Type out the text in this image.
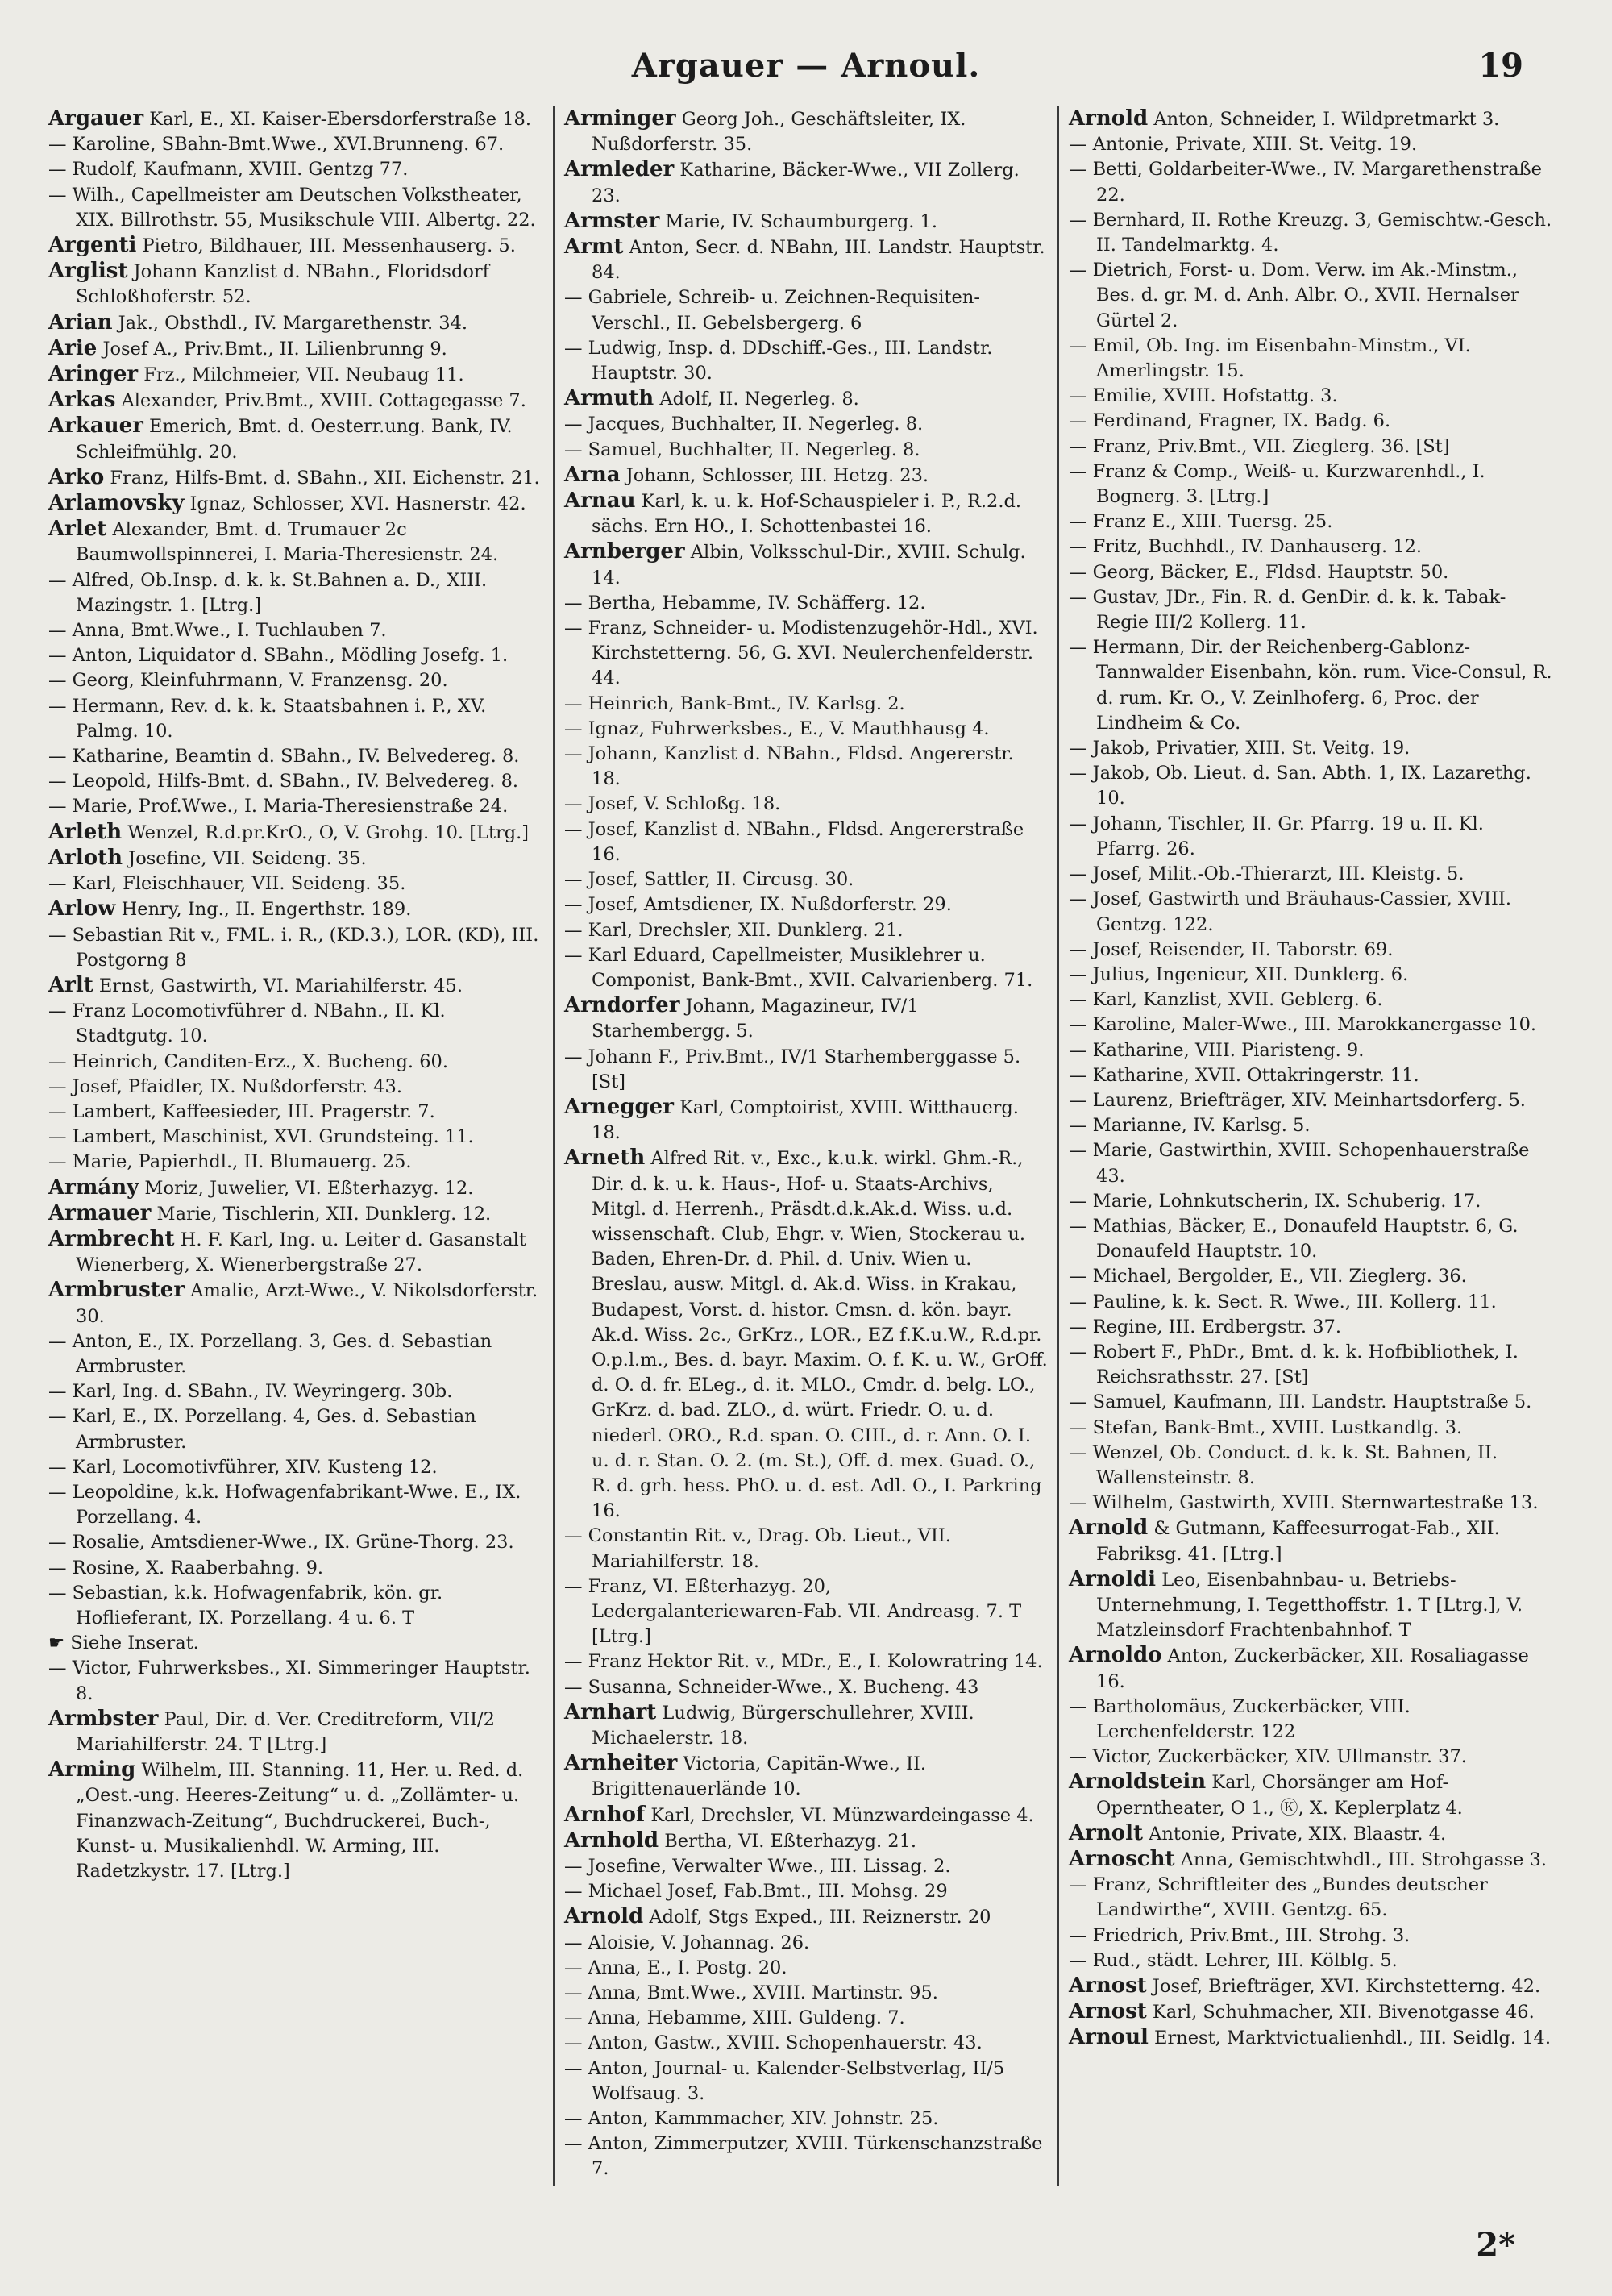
Argauer — Arnoul.	19

Argauer Karl, E., XI. Kaiser-Ebersdorferstraße 18.

— Karoline, SBahn-Bmt.Wwe., XVI.Brunneng. 67.

— Rudolf, Kaufmann, XVIII. Gentzg 77.

— Wilh., Capellmeister am Deutschen Volkstheater, XIX. Billrothstr. 55, Musikschule VIII. Albertg. 22.

Argenti Pietro, Bildhauer, III. Messenhauserg. 5.

Arglist Johann Kanzlist d. NBahn., Floridsdorf Schloßhoferstr. 52.

Arian Jak., Obsthdl., IV. Margarethenstr. 34.

Arie Josef A., Priv.Bmt., II. Lilienbrunng 9.

Aringer Frz., Milchmeier, VII. Neubaug 11.

Arkas Alexander, Priv.Bmt., XVIII. Cottagegasse 7.

Arkauer Emerich, Bmt. d. Oesterr.ung. Bank, IV. Schleifmühlg. 20.

Arko Franz, Hilfs-Bmt. d. SBahn., XII. Eichenstr. 21.

Arlamovsky Ignaz, Schlosser, XVI. Hasnerstr. 42.

Arlet Alexander, Bmt. d. Trumauer 2c Baumwollspinnerei, I. Maria-Theresienstr. 24.

— Alfred, Ob.Insp. d. k. k. St.Bahnen a. D., XIII. Mazingstr. 1. [Ltrg.]

— Anna, Bmt.Wwe., I. Tuchlauben 7.

— Anton, Liquidator d. SBahn., Mödling Josefg. 1.

— Georg, Kleinfuhrmann, V. Franzensg. 20.

— Hermann, Rev. d. k. k. Staatsbahnen i. P., XV. Palmg. 10.

— Katharine, Beamtin d. SBahn., IV. Belvedereg. 8.

— Leopold, Hilfs-Bmt. d. SBahn., IV. Belvedereg. 8.

— Marie, Prof.Wwe., I. Maria-Theresienstraße 24.

Arleth Wenzel, R.d.pr.KrO., O, V. Grohg. 10. [Ltrg.]

Arloth Josefine, VII. Seideng. 35.

— Karl, Fleischhauer, VII. Seideng. 35.

Arlow Henry, Ing., II. Engerthstr. 189.

— Sebastian Rit v., FML. i. R., (KD.3.), LOR. (KD), III. Postgorng 8

Arlt Ernst, Gastwirth, VI. Mariahilferstr. 45.

— Franz Locomotivführer d. NBahn., II. Kl. Stadtgutg. 10.

— Heinrich, Canditen-Erz., X. Bucheng. 60.

— Josef, Pfaidler, IX. Nußdorferstr. 43.

— Lambert, Kaffeesieder, III. Pragerstr. 7.

— Lambert, Maschinist, XVI. Grundsteing. 11.

— Marie, Papierhdl., II. Blumauerg. 25.

Armány Moriz, Juwelier, VI. Eßterhazyg. 12.

Armauer Marie, Tischlerin, XII. Dunklerg. 12.

Armbrecht H. F. Karl, Ing. u. Leiter d. Gasanstalt Wienerberg, X. Wienerbergstraße 27.

Armbruster Amalie, Arzt-Wwe., V. Nikolsdorferstr. 30.

— Anton, E., IX. Porzellang. 3, Ges. d. Sebastian Armbruster.

— Karl, Ing. d. SBahn., IV. Weyringerg. 30b.

— Karl, E., IX. Porzellang. 4, Ges. d. Sebastian Armbruster.

— Karl, Locomotivführer, XIV. Kusteng 12.

— Leopoldine, k.k. Hofwagenfabrikant-Wwe. E., IX. Porzellang. 4.

— Rosalie, Amtsdiener-Wwe., IX. Grüne-Thorg. 23.

— Rosine, X. Raaberbahng. 9.

— Sebastian, k.k. Hofwagenfabrik, kön. gr. Hoflieferant, IX. Porzellang. 4 u. 6. T

☛ Siehe Inserat.

— Victor, Fuhrwerksbes., XI. Simmeringer Hauptstr. 8.

Armbster Paul, Dir. d. Ver. Creditreform, VII/2 Mariahilferstr. 24. T [Ltrg.]

Arming Wilhelm, III. Stanning. 11, Her. u. Red. d. „Oest.-ung. Heeres-Zeitung“ u. d. „Zollämter- u. Finanzwach-Zeitung“, Buchdruckerei, Buch-, Kunst- u. Musikalienhdl. W. Arming, III. Radetzkystr. 17. [Ltrg.]

Arminger Georg Joh., Geschäftsleiter, IX. Nußdorferstr. 35.

Armleder Katharine, Bäcker-Wwe., VII Zollerg. 23.

Armster Marie, IV. Schaumburgerg. 1.

Armt Anton, Secr. d. NBahn, III. Landstr. Hauptstr. 84.

— Gabriele, Schreib- u. Zeichnen-Requisiten-Verschl., II. Gebelsbergerg. 6

— Ludwig, Insp. d. DDschiff.-Ges., III. Landstr. Hauptstr. 30.

Armuth Adolf, II. Negerleg. 8.

— Jacques, Buchhalter, II. Negerleg. 8.

— Samuel, Buchhalter, II. Negerleg. 8.

Arna Johann, Schlosser, III. Hetzg. 23.

Arnau Karl, k. u. k. Hof-Schauspieler i. P., R.2.d. sächs. Ern HO., I. Schottenbastei 16.

Arnberger Albin, Volksschul-Dir., XVIII. Schulg. 14.

— Bertha, Hebamme, IV. Schäfferg. 12.

— Franz, Schneider- u. Modistenzugehör-Hdl., XVI. Kirchstetterng. 56, G. XVI. Neulerchenfelderstr. 44.

— Heinrich, Bank-Bmt., IV. Karlsg. 2.

— Ignaz, Fuhrwerksbes., E., V. Mauthhausg 4.

— Johann, Kanzlist d. NBahn., Fldsd. Angererstr. 18.

— Josef, V. Schloßg. 18.

— Josef, Kanzlist d. NBahn., Fldsd. Angererstraße 16.

— Josef, Sattler, II. Circusg. 30.

— Josef, Amtsdiener, IX. Nußdorferstr. 29.

— Karl, Drechsler, XII. Dunklerg. 21.

— Karl Eduard, Capellmeister, Musiklehrer u. Componist, Bank-Bmt., XVII. Calvarienberg. 71.

Arndorfer Johann, Magazineur, IV/1 Starhembergg. 5.

— Johann F., Priv.Bmt., IV/1 Starhemberggasse 5. [St]

Arnegger Karl, Comptoirist, XVIII. Witthauerg. 18.

Arneth Alfred Rit. v., Exc., k.u.k. wirkl. Ghm.-R., Dir. d. k. u. k. Haus-, Hof- u. Staats-Archivs, Mitgl. d. Herrenh., Präsdt.d.k.Ak.d. Wiss. u.d. wissenschaft. Club, Ehgr. v. Wien, Stockerau u. Baden, Ehren-Dr. d. Phil. d. Univ. Wien u. Breslau, ausw. Mitgl. d. Ak.d. Wiss. in Krakau, Budapest, Vorst. d. histor. Cmsn. d. kön. bayr. Ak.d. Wiss. 2c., GrKrz., LOR., EZ f.K.u.W., R.d.pr. O.p.l.m., Bes. d. bayr. Maxim. O. f. K. u. W., GrOff. d. O. d. fr. ELeg., d. it. MLO., Cmdr. d. belg. LO., GrKrz. d. bad. ZLO., d. würt. Friedr. O. u. d. niederl. ORO., R.d. span. O. CIII., d. r. Ann. O. I. u. d. r. Stan. O. 2. (m. St.), Off. d. mex. Guad. O., R. d. grh. hess. PhO. u. d. est. Adl. O., I. Parkring 16.

— Constantin Rit. v., Drag. Ob. Lieut., VII. Mariahilferstr. 18.

— Franz, VI. Eßterhazyg. 20, Ledergalanteriewaren-Fab. VII. Andreasg. 7. T [Ltrg.]

— Franz Hektor Rit. v., MDr., E., I. Kolowratring 14.

— Susanna, Schneider-Wwe., X. Bucheng. 43

Arnhart Ludwig, Bürgerschullehrer, XVIII. Michaelerstr. 18.

Arnheiter Victoria, Capitän-Wwe., II. Brigittenauerlände 10.

Arnhof Karl, Drechsler, VI. Münzwardeingasse 4.

Arnhold Bertha, VI. Eßterhazyg. 21.

— Josefine, Verwalter Wwe., III. Lissag. 2.

— Michael Josef, Fab.Bmt., III. Mohsg. 29

Arnold Adolf, Stgs Exped., III. Reiznerstr. 20

— Aloisie, V. Johannag. 26.

— Anna, E., I. Postg. 20.

— Anna, Bmt.Wwe., XVIII. Martinstr. 95.

— Anna, Hebamme, XIII. Guldeng. 7.

— Anton, Gastw., XVIII. Schopenhauerstr. 43.

— Anton, Journal- u. Kalender-Selbstverlag, II/5 Wolfsaug. 3.

— Anton, Kammmacher, XIV. Johnstr. 25.

— Anton, Zimmerputzer, XVIII. Türkenschanzstraße 7.

Arnold Anton, Schneider, I. Wildpretmarkt 3.

— Antonie, Private, XIII. St. Veitg. 19.

— Betti, Goldarbeiter-Wwe., IV. Margarethenstraße 22.

— Bernhard, II. Rothe Kreuzg. 3, Gemischtw.-Gesch. II. Tandelmarktg. 4.

— Dietrich, Forst- u. Dom. Verw. im Ak.-Minstm., Bes. d. gr. M. d. Anh. Albr. O., XVII. Hernalser Gürtel 2.

— Emil, Ob. Ing. im Eisenbahn-Minstm., VI. Amerlingstr. 15.

— Emilie, XVIII. Hofstattg. 3.

— Ferdinand, Fragner, IX. Badg. 6.

— Franz, Priv.Bmt., VII. Zieglerg. 36. [St]

— Franz & Comp., Weiß- u. Kurzwarenhdl., I. Bognerg. 3. [Ltrg.]

— Franz E., XIII. Tuersg. 25.

— Fritz, Buchhdl., IV. Danhauserg. 12.

— Georg, Bäcker, E., Fldsd. Hauptstr. 50.

— Gustav, JDr., Fin. R. d. GenDir. d. k. k. Tabak-Regie III/2 Kollerg. 11.

— Hermann, Dir. der Reichenberg-Gablonz-Tannwalder Eisenbahn, kön. rum. Vice-Consul, R. d. rum. Kr. O., V. Zeinlhoferg. 6, Proc. der Lindheim & Co.

— Jakob, Privatier, XIII. St. Veitg. 19.

— Jakob, Ob. Lieut. d. San. Abth. 1, IX. Lazarethg. 10.

— Johann, Tischler, II. Gr. Pfarrg. 19 u. II. Kl. Pfarrg. 26.

— Josef, Milit.-Ob.-Thierarzt, III. Kleistg. 5.

— Josef, Gastwirth und Bräuhaus-Cassier, XVIII. Gentzg. 122.

— Josef, Reisender, II. Taborstr. 69.

— Julius, Ingenieur, XII. Dunklerg. 6.

— Karl, Kanzlist, XVII. Geblerg. 6.

— Karoline, Maler-Wwe., III. Marokkanergasse 10.

— Katharine, VIII. Piaristeng. 9.

— Katharine, XVII. Ottakringerstr. 11.

— Laurenz, Briefträger, XIV. Meinhartsdorferg. 5.

— Marianne, IV. Karlsg. 5.

— Marie, Gastwirthin, XVIII. Schopenhauerstraße 43.

— Marie, Lohnkutscherin, IX. Schuberig. 17.

— Mathias, Bäcker, E., Donaufeld Hauptstr. 6, G. Donaufeld Hauptstr. 10.

— Michael, Bergolder, E., VII. Zieglerg. 36.

— Pauline, k. k. Sect. R. Wwe., III. Kollerg. 11.

— Regine, III. Erdbergstr. 37.

— Robert F., PhDr., Bmt. d. k. k. Hofbibliothek, I. Reichsrathsstr. 27. [St]

— Samuel, Kaufmann, III. Landstr. Hauptstraße 5.

— Stefan, Bank-Bmt., XVIII. Lustkandlg. 3.

— Wenzel, Ob. Conduct. d. k. k. St. Bahnen, II. Wallensteinstr. 8.

— Wilhelm, Gastwirth, XVIII. Sternwartestraße 13.

Arnold & Gutmann, Kaffeesurrogat-Fab., XII. Fabriksg. 41. [Ltrg.]

Arnoldi Leo, Eisenbahnbau- u. Betriebs-Unternehmung, I. Tegetthoffstr. 1. T [Ltrg.], V. Matzleinsdorf Frachtenbahnhof. T

Arnoldo Anton, Zuckerbäcker, XII. Rosaliagasse 16.

— Bartholomäus, Zuckerbäcker, VIII. Lerchenfelderstr. 122

— Victor, Zuckerbäcker, XIV. Ullmanstr. 37.

Arnoldstein Karl, Chorsänger am Hof-Operntheater, O 1., Ⓚ, X. Keplerplatz 4.

Arnolt Antonie, Private, XIX. Blaastr. 4.

Arnoscht Anna, Gemischtwhdl., III. Strohgasse 3.

— Franz, Schriftleiter des „Bundes deutscher Landwirthe“, XVIII. Gentzg. 65.

— Friedrich, Priv.Bmt., III. Strohg. 3.

— Rud., städt. Lehrer, III. Kölblg. 5.

Arnost Josef, Briefträger, XVI. Kirchstetterng. 42.

Arnost Karl, Schuhmacher, XII. Bivenotgasse 46.

Arnoul Ernest, Marktvictualienhdl., III. Seidlg. 14.

2*
